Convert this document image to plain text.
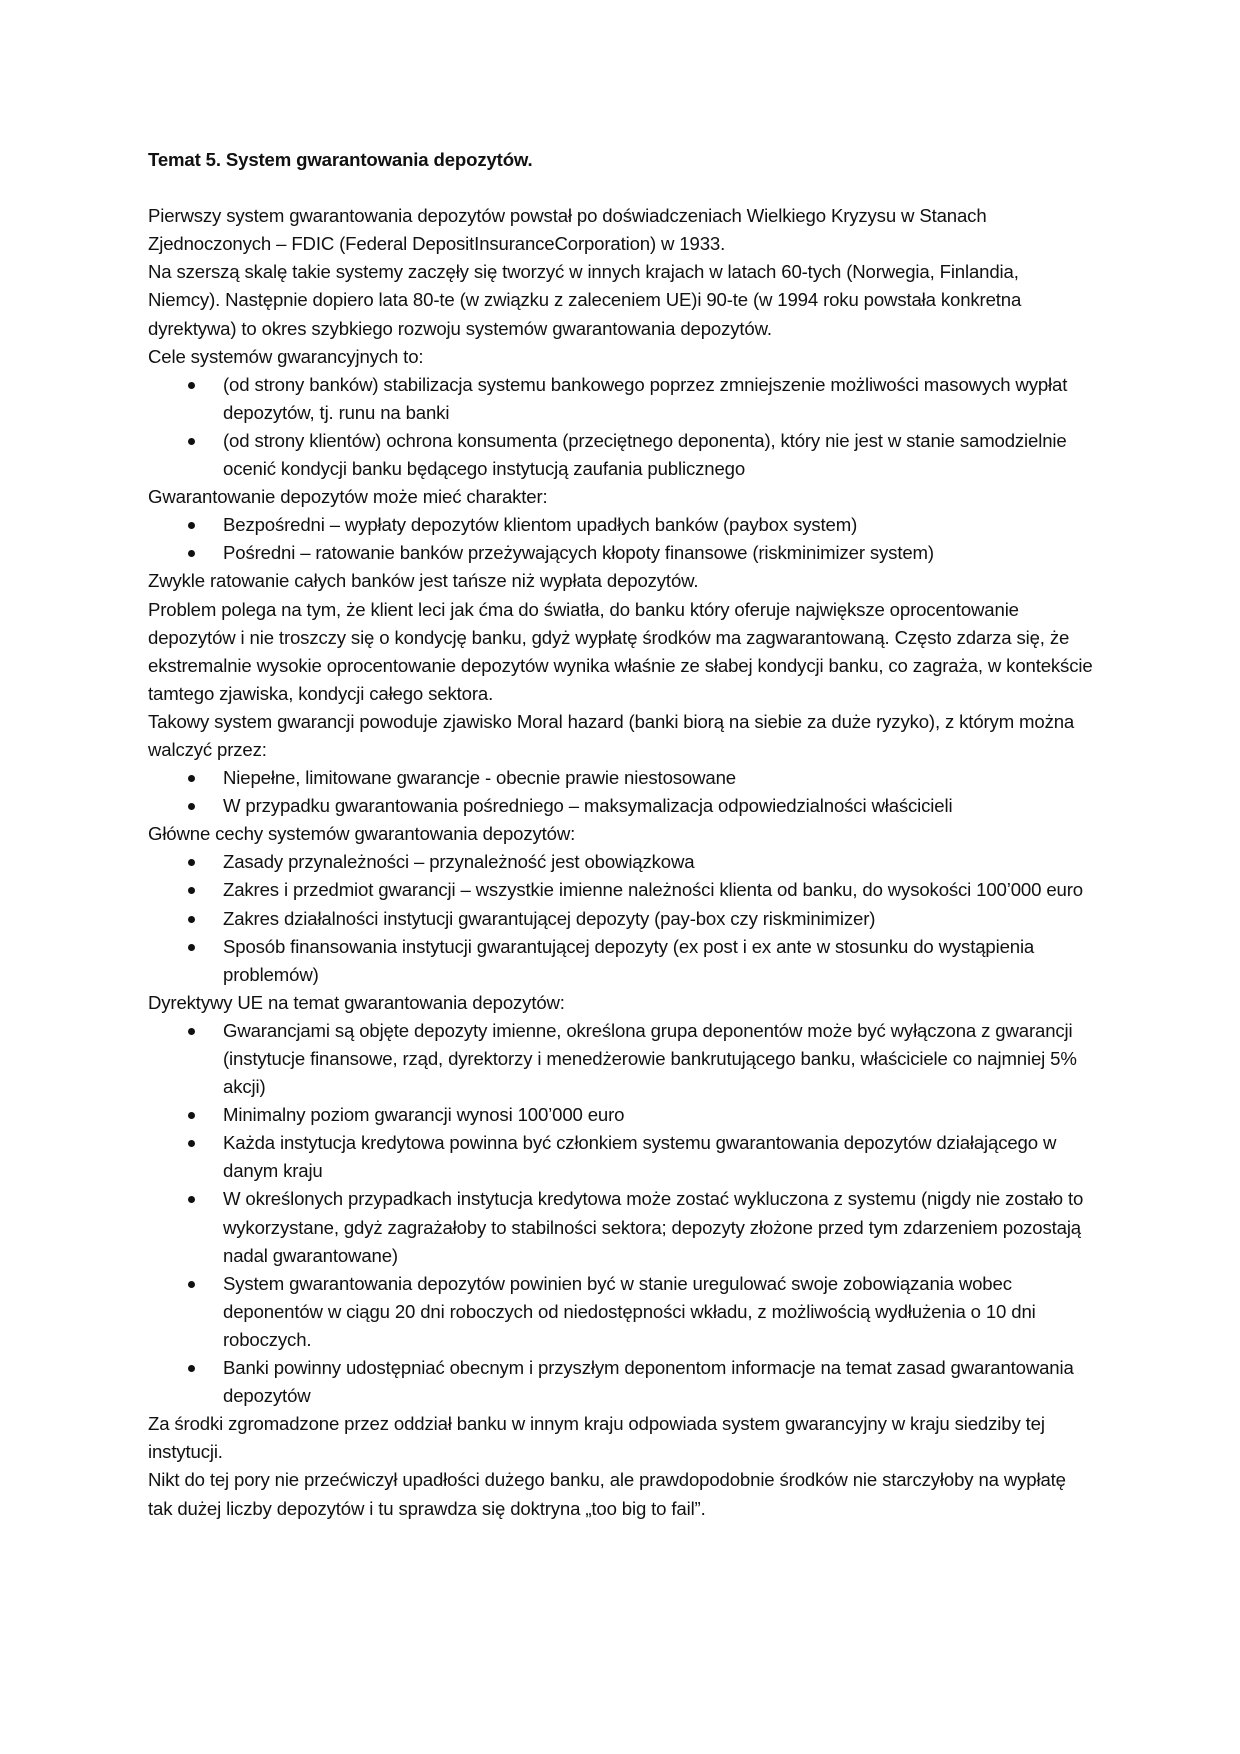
Temat 5. System gwarantowania depozytów.

Pierwszy system gwarantowania depozytów powstał po doświadczeniach Wielkiego Kryzysu w Stanach Zjednoczonych – FDIC (Federal DepositInsuranceCorporation) w 1933.

Na szerszą skalę takie systemy zaczęły się tworzyć w innych krajach w latach 60-tych (Norwegia, Finlandia, Niemcy). Następnie dopiero lata 80-te (w związku z zaleceniem UE)i 90-te (w 1994 roku powstała konkretna dyrektywa) to okres szybkiego rozwoju systemów gwarantowania depozytów.

Cele systemów gwarancyjnych to:

(od strony banków) stabilizacja systemu bankowego poprzez zmniejszenie możliwości masowych wypłat depozytów, tj. runu na banki
(od strony klientów) ochrona konsumenta (przeciętnego deponenta), który nie jest w stanie samodzielnie ocenić kondycji banku będącego instytucją zaufania publicznego

Gwarantowanie depozytów może mieć charakter:

Bezpośredni – wypłaty depozytów klientom upadłych banków (paybox system)
Pośredni – ratowanie banków przeżywających kłopoty finansowe (riskminimizer system)

Zwykle ratowanie całych banków jest tańsze niż wypłata depozytów.

Problem polega na tym, że klient leci jak ćma do światła, do banku który oferuje największe oprocentowanie depozytów i nie troszczy się o kondycję banku, gdyż wypłatę środków ma zagwarantowaną. Często zdarza się, że ekstremalnie wysokie oprocentowanie depozytów wynika właśnie ze słabej kondycji banku, co zagraża, w kontekście tamtego zjawiska, kondycji całego sektora.

Takowy system gwarancji powoduje zjawisko Moral hazard (banki biorą na siebie za duże ryzyko), z którym można walczyć przez:

Niepełne, limitowane gwarancje - obecnie prawie niestosowane
W przypadku gwarantowania pośredniego – maksymalizacja odpowiedzialności właścicieli

Główne cechy systemów gwarantowania depozytów:

Zasady przynależności – przynależność jest obowiązkowa
Zakres i przedmiot gwarancji – wszystkie imienne należności klienta od banku, do wysokości 100’000 euro
Zakres działalności instytucji gwarantującej depozyty (pay-box czy riskminimizer)
Sposób finansowania instytucji gwarantującej depozyty (ex post i ex ante w stosunku do wystąpienia problemów)

Dyrektywy UE na temat gwarantowania depozytów:

Gwarancjami są objęte depozyty imienne, określona grupa deponentów może być wyłączona z gwarancji (instytucje finansowe, rząd, dyrektorzy i menedżerowie bankrutującego banku, właściciele co najmniej 5% akcji)
Minimalny poziom gwarancji wynosi 100’000 euro
Każda instytucja kredytowa powinna być członkiem systemu gwarantowania depozytów działającego w danym kraju
W określonych przypadkach instytucja kredytowa może zostać wykluczona z systemu (nigdy nie zostało to wykorzystane, gdyż zagrażałoby to stabilności sektora; depozyty złożone przed tym zdarzeniem pozostają nadal gwarantowane)
System gwarantowania depozytów powinien być w stanie uregulować swoje zobowiązania wobec deponentów w ciągu 20 dni roboczych od niedostępności wkładu, z możliwością wydłużenia o 10 dni roboczych.
Banki powinny udostępniać obecnym i przyszłym deponentom informacje na temat zasad gwarantowania depozytów

Za środki zgromadzone przez oddział banku w innym kraju odpowiada system gwarancyjny w kraju siedziby tej instytucji.

Nikt do tej pory nie przećwiczył upadłości dużego banku, ale prawdopodobnie środków nie starczyłoby na wypłatę tak dużej liczby depozytów i tu sprawdza się doktryna „too big to fail”.
